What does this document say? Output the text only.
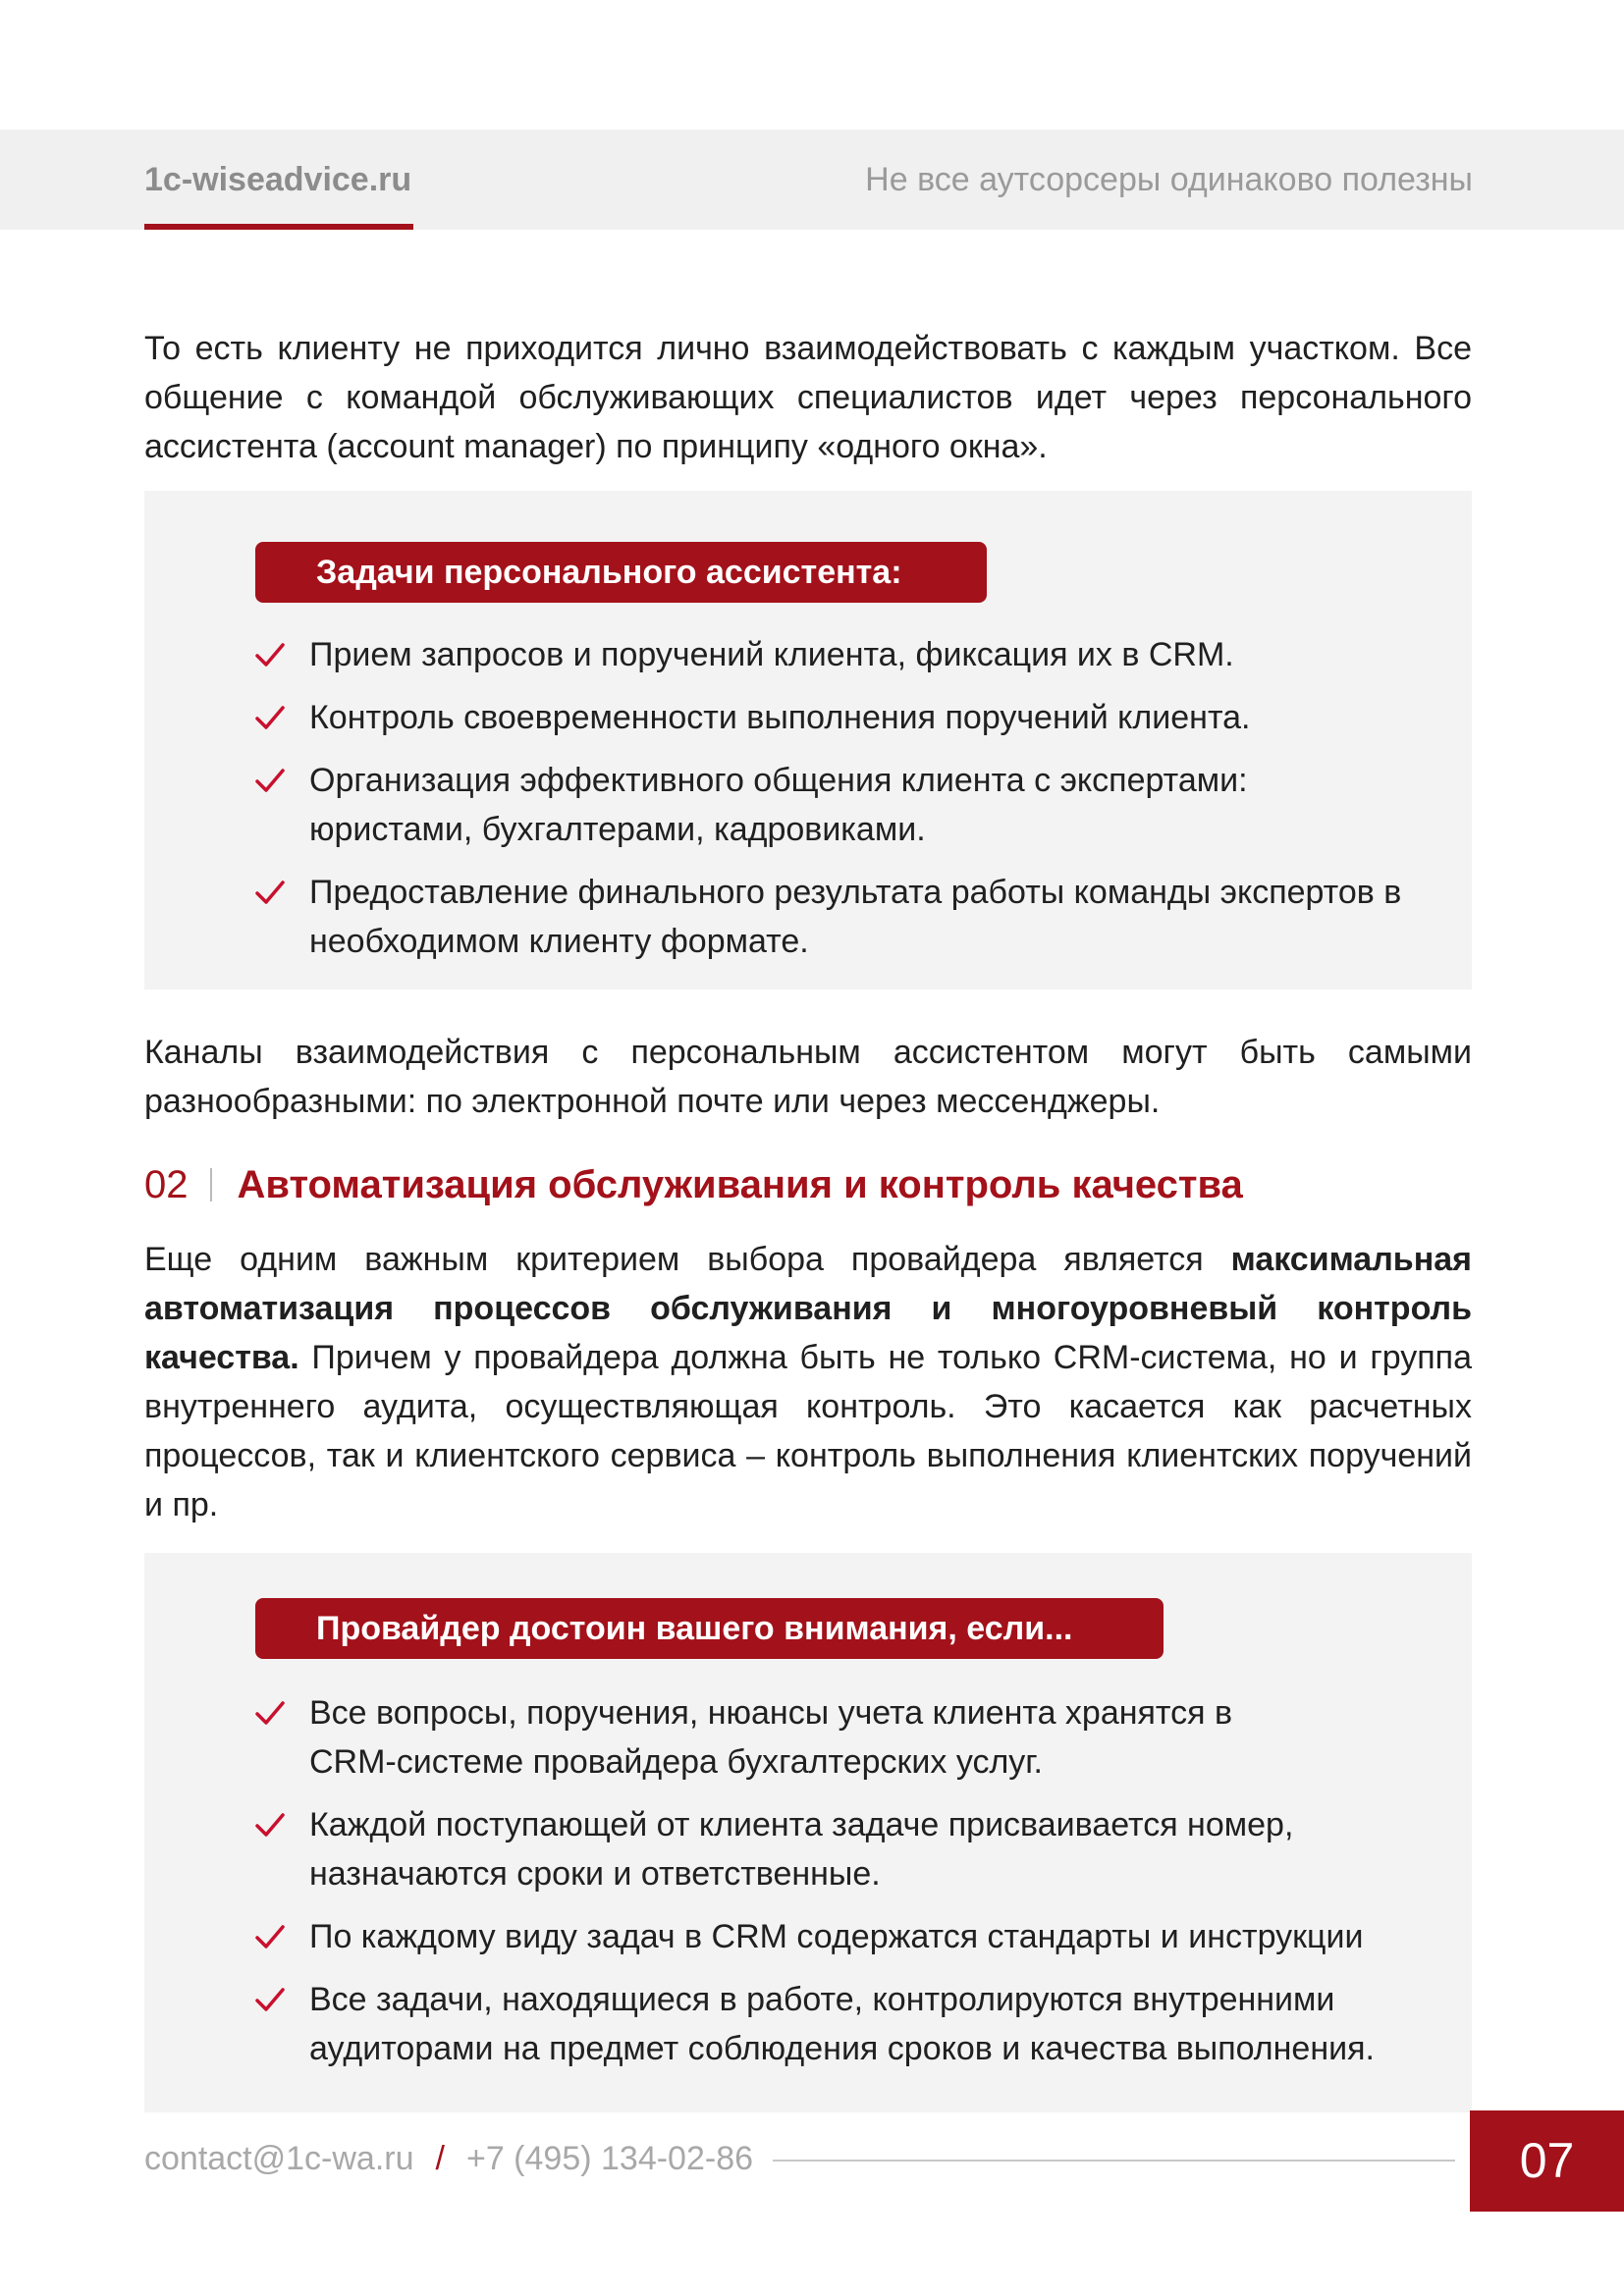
1c-wiseadvice.ru	Не все аутсорсеры одинаково полезны

То есть клиенту не приходится лично взаимодействовать с каждым участком. Все общение с командой обслуживающих специалистов идет через персонального ассистента (account manager) по принципу «одного окна».

Задачи персонального ассистента:
Прием запросов и поручений клиента, фиксация их в CRM.
Контроль своевременности выполнения поручений клиента.
Организация эффективного общения клиента с экспертами: юристами, бухгалтерами, кадровиками.
Предоставление финального результата работы команды экспертов в необходимом клиенту формате.

Каналы взаимодействия с персональным ассистентом могут быть самыми разнообразными: по электронной почте или через мессенджеры.

02 Автоматизация обслуживания и контроль качества

Еще одним важным критерием выбора провайдера является максимальная автоматизация процессов обслуживания и многоуровневый контроль качества. Причем у провайдера должна быть не только CRM-система, но и группа внутреннего аудита, осуществляющая контроль. Это касается как расчетных процессов, так и клиентского сервиса – контроль выполнения клиентских поручений и пр.

Провайдер достоин вашего внимания, если...
Все вопросы, поручения, нюансы учета клиента хранятся в CRM-системе провайдера бухгалтерских услуг.
Каждой поступающей от клиента задаче присваивается номер, назначаются сроки и ответственные.
По каждому виду задач в CRM содержатся стандарты и инструкции
Все задачи, находящиеся в работе, контролируются внутренними аудиторами на предмет соблюдения сроков и качества выполнения.
contact@1c-wa.ru / +7 (495) 134-02-86	07
